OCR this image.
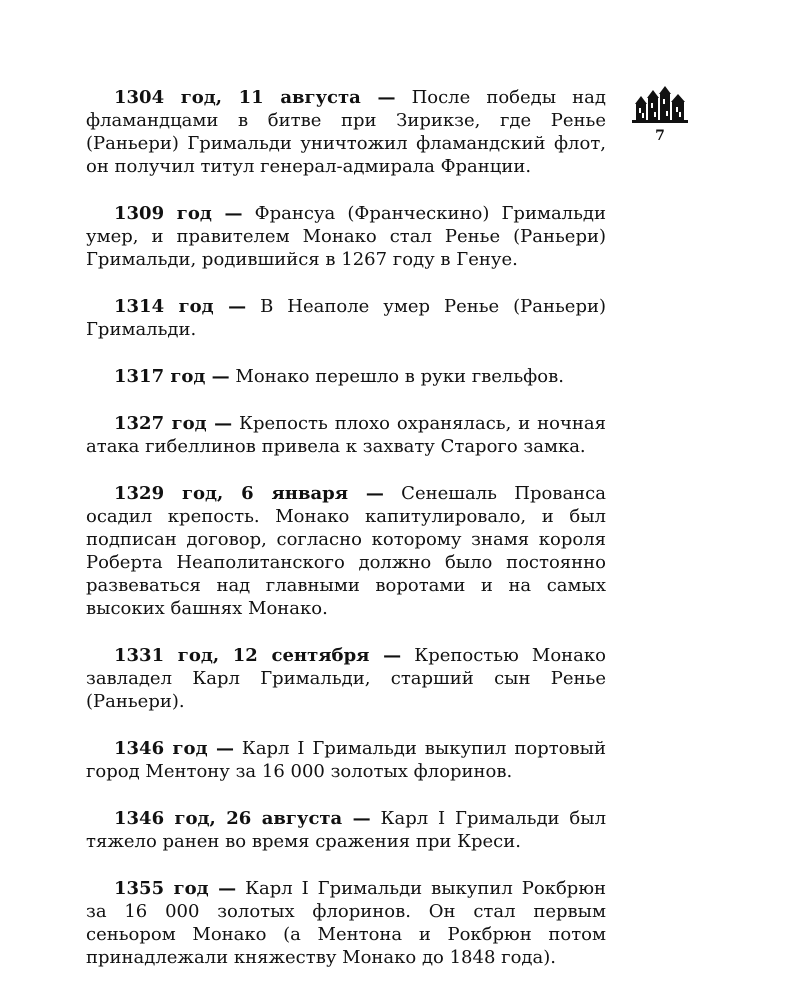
7

1304 год, 11 августа — После победы над фламандцами в битве при Зирикзе, где Ренье (Раньери) Гримальди уничтожил фламандский флот, он получил титул генерал-адмирала Франции.

1309 год — Франсуа (Франческино) Гримальди умер, и правителем Монако стал Ренье (Раньери) Гримальди, родившийся в 1267 году в Генуе.

1314 год — В Неаполе умер Ренье (Раньери) Гримальди.

1317 год — Монако перешло в руки гвельфов.

1327 год — Крепость плохо охранялась, и ночная атака гибеллинов привела к захвату Старого замка.

1329 год, 6 января — Сенешаль Прованса осадил крепость. Монако капитулировало, и был подписан договор, согласно которому знамя короля Роберта Неаполитанского должно было постоянно развеваться над главными воротами и на самых высоких башнях Монако.

1331 год, 12 сентября — Крепостью Монако завладел Карл Гримальди, старший сын Ренье (Раньери).

1346 год — Карл I Гримальди выкупил портовый город Ментону за 16 000 золотых флоринов.

1346 год, 26 августа — Карл I Гримальди был тяжело ранен во время сражения при Креси.

1355 год — Карл I Гримальди выкупил Рокбрюн за 16 000 золотых флоринов. Он стал первым сеньором Монако (а Ментона и Рокбрюн потом принадлежали княжеству Монако до 1848 года).
